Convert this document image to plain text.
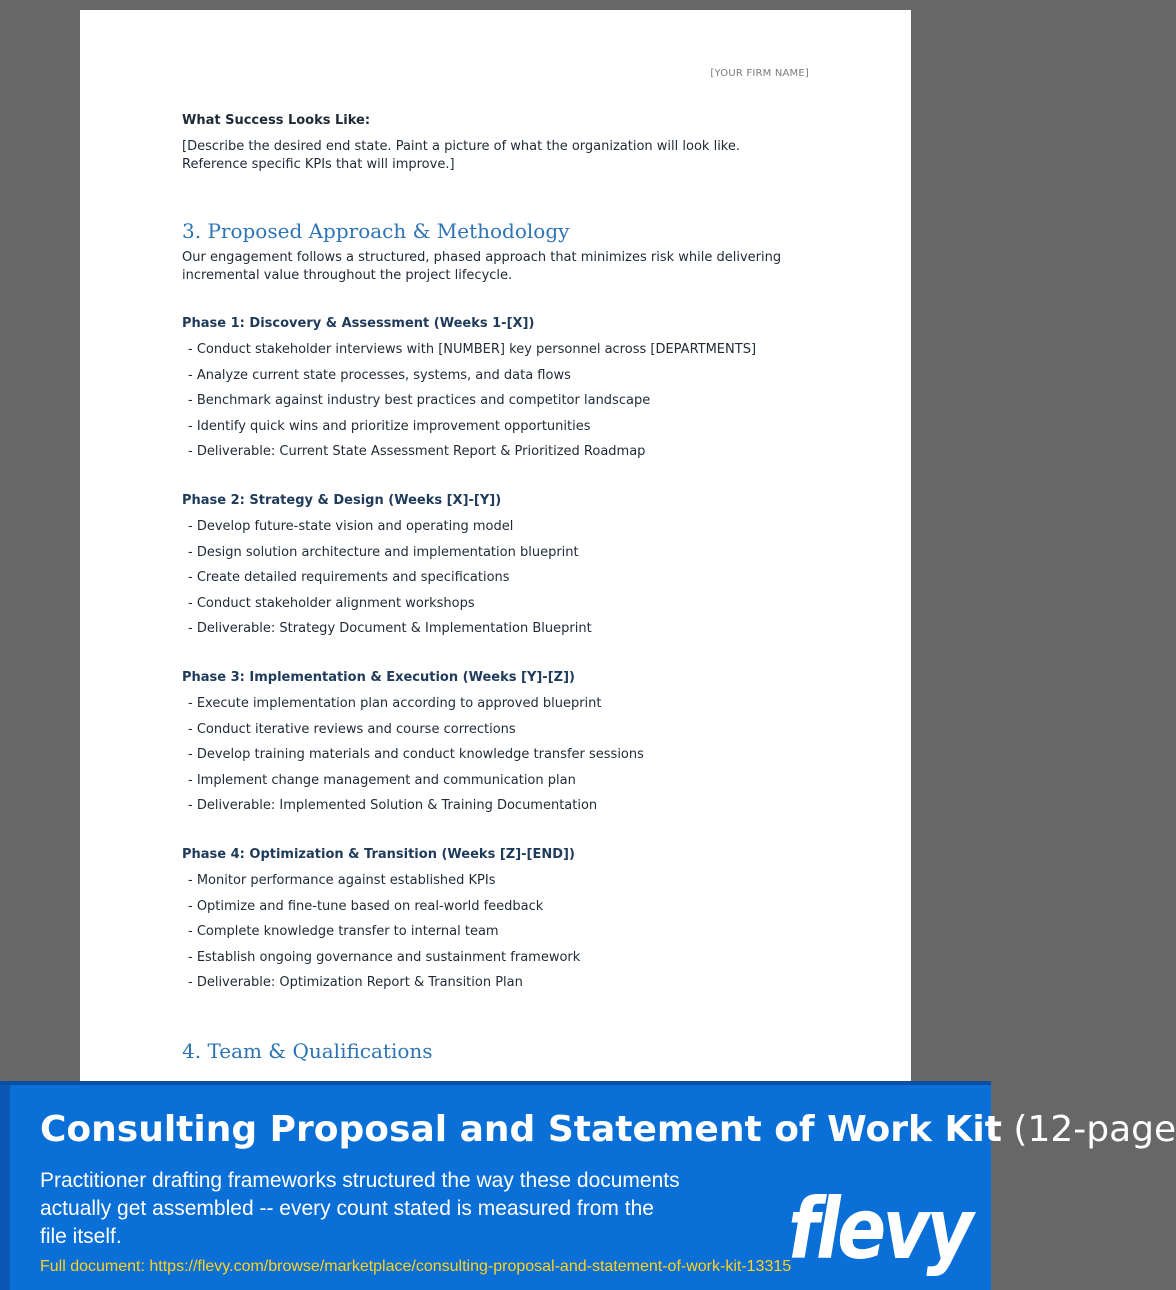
[YOUR FIRM NAME]

What Success Looks Like:

[Describe the desired end state. Paint a picture of what the organization will look like. Reference specific KPIs that will improve.]

3. Proposed Approach & Methodology

Our engagement follows a structured, phased approach that minimizes risk while delivering incremental value throughout the project lifecycle.

Phase 1: Discovery & Assessment (Weeks 1-[X])

- Conduct stakeholder interviews with [NUMBER] key personnel across [DEPARTMENTS]

- Analyze current state processes, systems, and data flows

- Benchmark against industry best practices and competitor landscape

- Identify quick wins and prioritize improvement opportunities

- Deliverable: Current State Assessment Report & Prioritized Roadmap

Phase 2: Strategy & Design (Weeks [X]-[Y])

- Develop future-state vision and operating model

- Design solution architecture and implementation blueprint

- Create detailed requirements and specifications

- Conduct stakeholder alignment workshops

- Deliverable: Strategy Document & Implementation Blueprint

Phase 3: Implementation & Execution (Weeks [Y]-[Z])

- Execute implementation plan according to approved blueprint

- Conduct iterative reviews and course corrections

- Develop training materials and conduct knowledge transfer sessions

- Implement change management and communication plan

- Deliverable: Implemented Solution & Training Documentation

Phase 4: Optimization & Transition (Weeks [Z]-[END])

- Monitor performance against established KPIs

- Optimize and fine-tune based on real-world feedback

- Complete knowledge transfer to internal team

- Establish ongoing governance and sustainment framework

- Deliverable: Optimization Report & Transition Plan

4. Team & Qualifications
Consulting Proposal and Statement of Work Kit (12-page
Practitioner drafting frameworks structured the way these documents actually get assembled -- every count stated is measured from the file itself.
Full document: https://flevy.com/browse/marketplace/consulting-proposal-and-statement-of-work-kit-13315
flevy
